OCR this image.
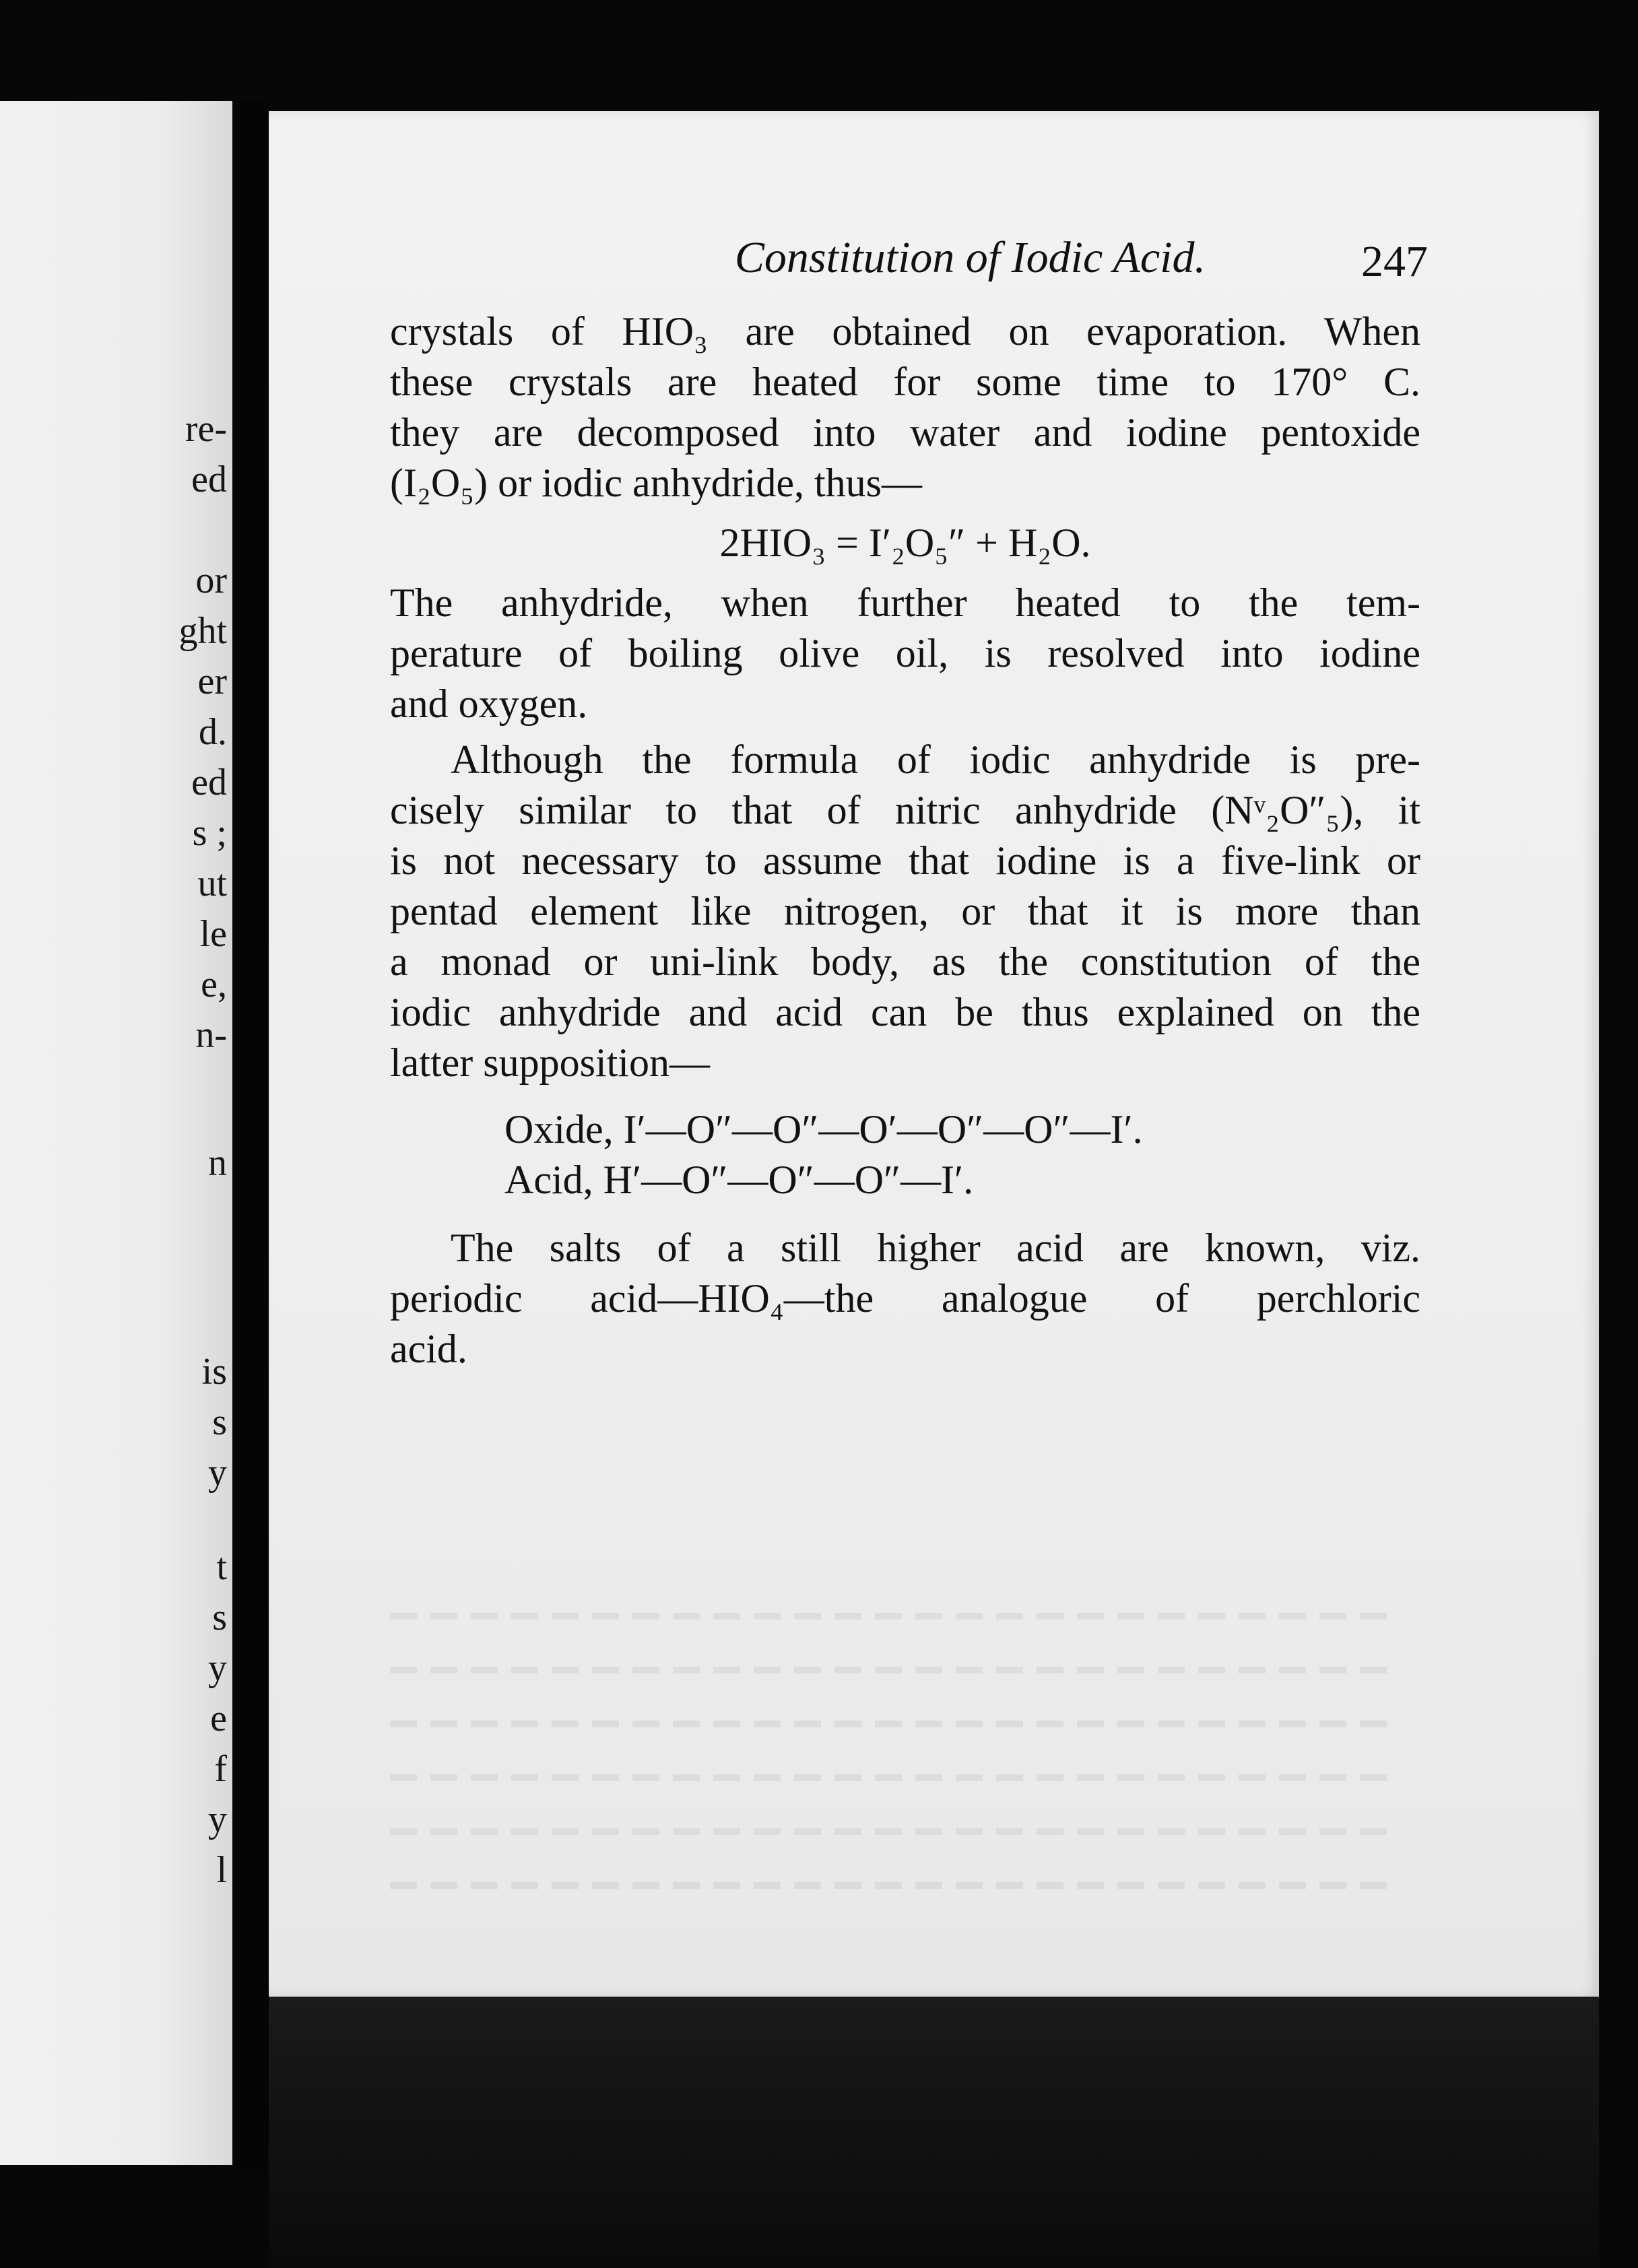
re-
ed
or
ght
er
d.
ed
s ;
ut
le
e,
n-
n
is
s
y
t
s
y
e
f
y
l
crystals of HIO₃ are obtained on evaporation. When
these crystals are heated for some time to 170° C.
they are decomposed into water and iodine pentoxide
(I₂O₅) or iodic anhydride, thus—
2HIO₃ = I′₂O₅″ + H₂O.
The anhydride, when further heated to the tem-
perature of boiling olive oil, is resolved into iodine
and oxygen.
Although the formula of iodic anhydride is pre-
cisely similar to that of nitric anhydride (Nᵛ₂O″₅), it
is not necessary to assume that iodine is a five-link or
pentad element like nitrogen, or that it is more than
a monad or uni-link body, as the constitution of the
iodic anhydride and acid can be thus explained on the
latter supposition—
Oxide, I′—O″—O″—O′—O″—O″—I′.
Acid, H′—O″—O″—O″—I′.
The salts of a still higher acid are known, viz.
periodic acid—HIO₄—the analogue of perchloric
acid.
Constitution of Iodic Acid.	247
